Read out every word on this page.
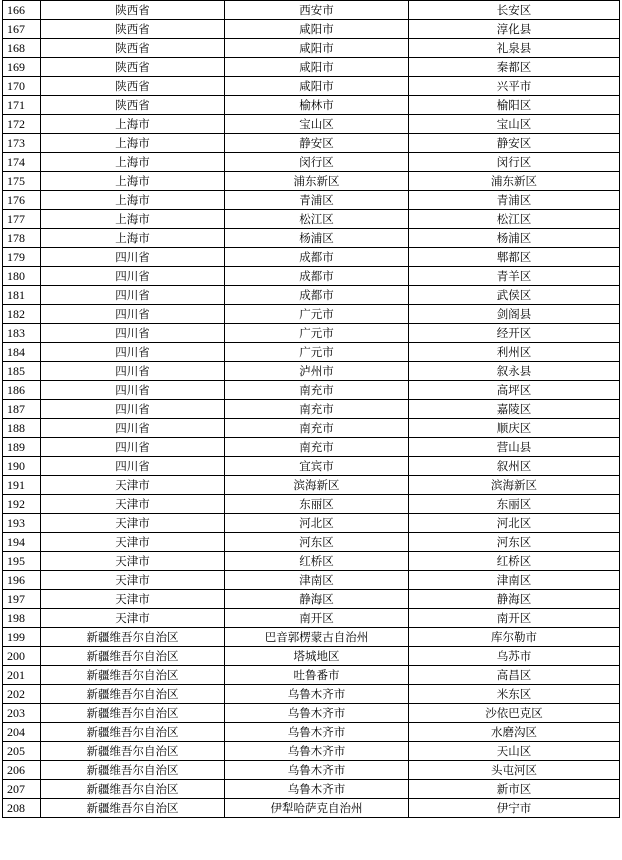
166	陕西省	西安市	长安区
167	陕西省	咸阳市	淳化县
168	陕西省	咸阳市	礼泉县
169	陕西省	咸阳市	秦都区
170	陕西省	咸阳市	兴平市
171	陕西省	榆林市	榆阳区
172	上海市	宝山区	宝山区
173	上海市	静安区	静安区
174	上海市	闵行区	闵行区
175	上海市	浦东新区	浦东新区
176	上海市	青浦区	青浦区
177	上海市	松江区	松江区
178	上海市	杨浦区	杨浦区
179	四川省	成都市	郫都区
180	四川省	成都市	青羊区
181	四川省	成都市	武侯区
182	四川省	广元市	剑阁县
183	四川省	广元市	经开区
184	四川省	广元市	利州区
185	四川省	泸州市	叙永县
186	四川省	南充市	高坪区
187	四川省	南充市	嘉陵区
188	四川省	南充市	顺庆区
189	四川省	南充市	营山县
190	四川省	宜宾市	叙州区
191	天津市	滨海新区	滨海新区
192	天津市	东丽区	东丽区
193	天津市	河北区	河北区
194	天津市	河东区	河东区
195	天津市	红桥区	红桥区
196	天津市	津南区	津南区
197	天津市	静海区	静海区
198	天津市	南开区	南开区
199	新疆维吾尔自治区	巴音郭楞蒙古自治州	库尔勒市
200	新疆维吾尔自治区	塔城地区	乌苏市
201	新疆维吾尔自治区	吐鲁番市	高昌区
202	新疆维吾尔自治区	乌鲁木齐市	米东区
203	新疆维吾尔自治区	乌鲁木齐市	沙依巴克区
204	新疆维吾尔自治区	乌鲁木齐市	水磨沟区
205	新疆维吾尔自治区	乌鲁木齐市	天山区
206	新疆维吾尔自治区	乌鲁木齐市	头屯河区
207	新疆维吾尔自治区	乌鲁木齐市	新市区
208	新疆维吾尔自治区	伊犁哈萨克自治州	伊宁市
